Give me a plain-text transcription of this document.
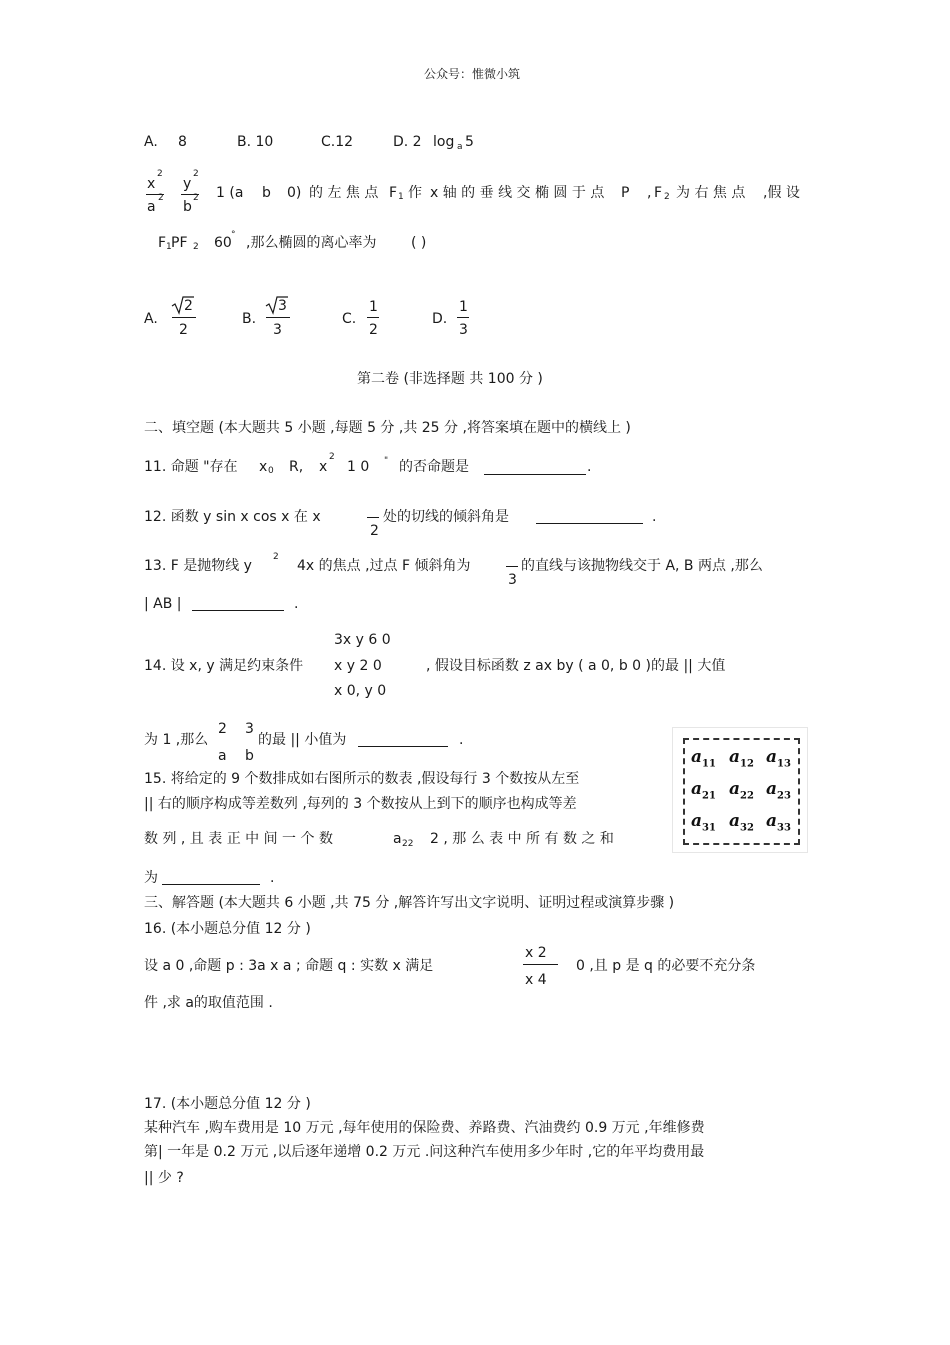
公众号：惟微小筑
A. 8	B. 10	C.12	D. 2 log a 5
x
2
a
2
y
2
b
2 1 (a b 0) 的 左 焦 点 F 1 作 x 轴 的 垂 线 交 椭 圆 于 点 P , F 2 为 右 焦 点 ,假 设
F 1 PF 2 60 ° ,那么椭圆的离心率为 ( )
A.
2
2
B.
3
3
C.
1
2
D.
1
3
第二卷 (非选择题 共 100 分 )
二、填空题 (本大题共 5 小题 ,每题 5 分 ,共 25 分 ,将答案填在题中的横线上 )
11. 命题 "存在 x 0 R, x
2
1 0 " 的否命题是	.
12. 函数 y sin x cos x 在 x
2
处的切线的倾斜角是	.
13. F 是抛物线 y
2
4x 的焦点 ,过点 F 倾斜角为
3
的直线与该抛物线交于 A, B 两点 ,那么
| AB |	.
3x y 6 0
14. 设 x, y 满足约束条件 x y 2 0	, 假设目标函数 z ax by ( a 0, b 0 )的最 || 大值
x 0, y 0
为 1 ,那么
2
a
3
b
的最 || 小值为	.
15. 将给定的 9 个数排成如右图所示的数表 ,假设每行 3 个数按从左至
|| 右的顺序构成等差数列 ,每列的 3 个数按从上到下的顺序也构成等差
数 列 , 且 表 正 中 间 一 个 数	a 22 2 , 那 么 表 中 所 有 数 之 和
为	.
$a_{11}$ $a_{12}$ $a_{13}$
$a_{21}$ $a_{22}$ $a_{23}$
$a_{31}$ $a_{32}$ $a_{33}$
三、解答题 (本大题共 6 小题 ,共 75 分 ,解答许写出文字说明、证明过程或演算步骤 )
16. (本小题总分值 12 分 )
设 a 0 ,命题 p : 3a x a ; 命题 q : 实数 x 满足
x 2
x 4
0 ,且 p 是 q 的必要不充分条
件 ,求 a的取值范围 .
17. (本小题总分值 12 分 )
某种汽车 ,购车费用是 10 万元 ,每年使用的保险费、养路费、汽油费约 0.9 万元 ,年维修费
第| 一年是 0.2 万元 ,以后逐年递增 0.2 万元 .问这种汽车使用多少年时 ,它的年平均费用最
|| 少 ?
